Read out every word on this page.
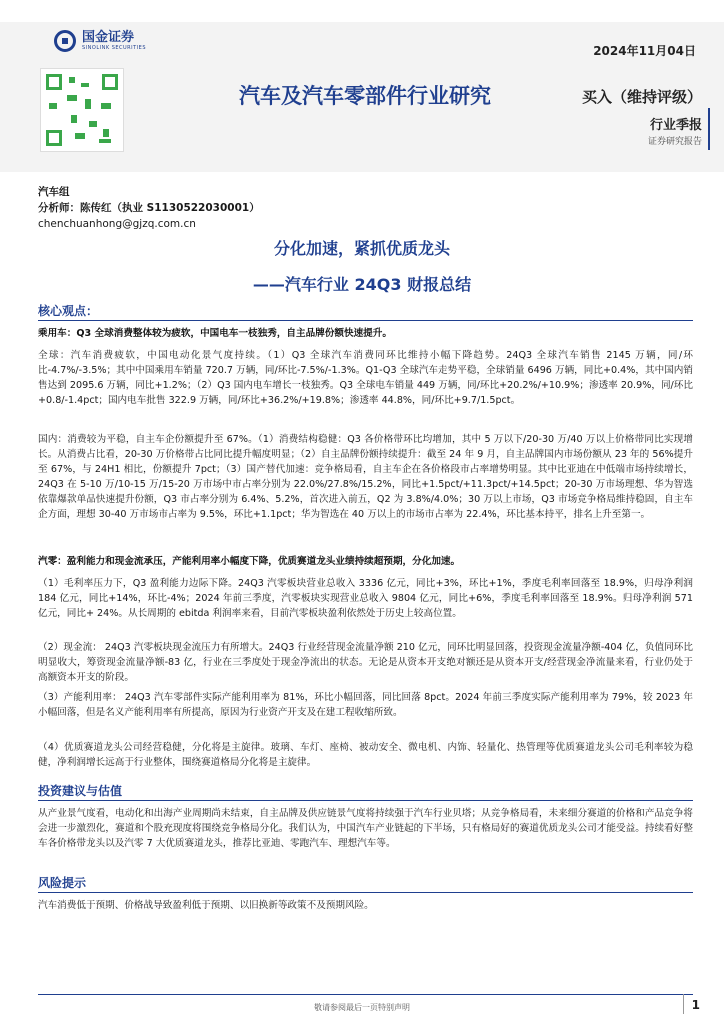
国金证券
SINOLINK SECURITIES	2024年11月04日
汽车及汽车零部件行业研究	买入（维持评级）
行业季报
证券研究报告
汽车组
分析师：陈传红（执业 S1130522030001）
chenchuanhong@gjzq.com.cn
分化加速，紧抓优质龙头
——汽车行业 24Q3 财报总结
核心观点：
乘用车：Q3 全球消费整体较为疲软，中国电车一枝独秀，自主品牌份额快速提升。
全球：汽车消费疲软，中国电动化景气度持续。（1）Q3 全球汽车消费同环比维持小幅下降趋势。24Q3 全球汽车销售 2145 万辆，同/环比-4.7%/-3.5%；其中中国乘用车销量 720.7 万辆，同/环比-7.5%/-1.3%。Q1-Q3 全球汽车走势平稳，全球销量 6496 万辆，同比+0.4%，其中国内销售达到 2095.6 万辆，同比+1.2%；（2）Q3 国内电车增长一枝独秀。Q3 全球电车销量 449 万辆，同/环比+20.2%/+10.9%；渗透率 20.9%，同/环比+0.8/-1.4pct；国内电车批售 322.9 万辆，同/环比+36.2%/+19.8%；渗透率 44.8%，同/环比+9.7/1.5pct。
国内：消费较为平稳，自主车企份额提升至 67%。（1）消费结构稳健：Q3 各价格带环比均增加，其中 5 万以下/20-30 万/40 万以上价格带同比实现增长。从消费占比看，20-30 万价格带占比同比提升幅度明显；（2）自主品牌份额持续提升：截至 24 年 9 月，自主品牌国内市场份额从 23 年的 56%提升至 67%，与 24H1 相比，份额提升 7pct；（3）国产替代加速：竞争格局看，自主车企在各价格段市占率增势明显。其中比亚迪在中低端市场持续增长，24Q3 在 5-10 万/10-15 万/15-20 万市场中市占率分别为 22.0%/27.8%/15.2%，同比+1.5pct/+11.3pct/+14.5pct；20-30 万市场理想、华为智选依靠爆款单品快速提升份额，Q3 市占率分别为 6.4%、5.2%，首次进入前五，Q2 为 3.8%/4.0%；30 万以上市场，Q3 市场竞争格局维持稳固，自主车企方面，理想 30-40 万市场市占率为 9.5%，环比+1.1pct；华为智选在 40 万以上的市场市占率为 22.4%，环比基本持平，排名上升至第一。
汽零：盈利能力和现金流承压，产能利用率小幅度下降，优质赛道龙头业绩持续超预期，分化加速。
（1）毛利率压力下，Q3 盈利能力边际下降。24Q3 汽零板块营业总收入 3336 亿元，同比+3%，环比+1%，季度毛利率回落至 18.9%，归母净利润 184 亿元，同比+14%，环比-4%；2024 年前三季度，汽零板块实现营业总收入 9804 亿元，同比+6%，季度毛利率回落至 18.9%。归母净利润 571 亿元，同比+ 24%。从长周期的 ebitda 利润率来看，目前汽零板块盈利依然处于历史上较高位置。
（2）现金流： 24Q3 汽零板块现金流压力有所增大。24Q3 行业经营现金流量净额 210 亿元，同环比明显回落，投资现金流量净额-404 亿，负值同环比明显收大，筹资现金流量净额-83 亿，行业在三季度处于现金净流出的状态。无论是从资本开支绝对额还是从资本开支/经营现金净流量来看，行业仍处于高额资本开支的阶段。
（3）产能利用率： 24Q3 汽车零部件实际产能利用率为 81%，环比小幅回落，同比回落 8pct。2024 年前三季度实际产能利用率为 79%，较 2023 年小幅回落，但是名义产能利用率有所提高，原因为行业资产开支及在建工程收缩所致。
（4）优质赛道龙头公司经营稳健，分化将是主旋律。玻璃、车灯、座椅、被动安全、微电机、内饰、轻量化、热管理等优质赛道龙头公司毛利率较为稳健，净利润增长远高于行业整体，围绕赛道格局分化将是主旋律。
投资建议与估值
从产业景气度看，电动化和出海产业周期尚未结束，自主品牌及供应链景气度将持续强于汽车行业贝塔；从竞争格局看，未来细分赛道的价格和产品竞争将会进一步激烈化，赛道和个股充现度将围绕竞争格局分化。我们认为，中国汽车产业链起的下半场，只有格局好的赛道优质龙头公司才能受益。持续看好整车各价格带龙头以及汽零 7 大优质赛道龙头，推荐比亚迪、零跑汽车、理想汽车等。
风险提示
汽车消费低于预期、价格战导致盈利低于预期、以旧换新等政策不及预期风险。
敬请参阅最后一页特别声明	1
